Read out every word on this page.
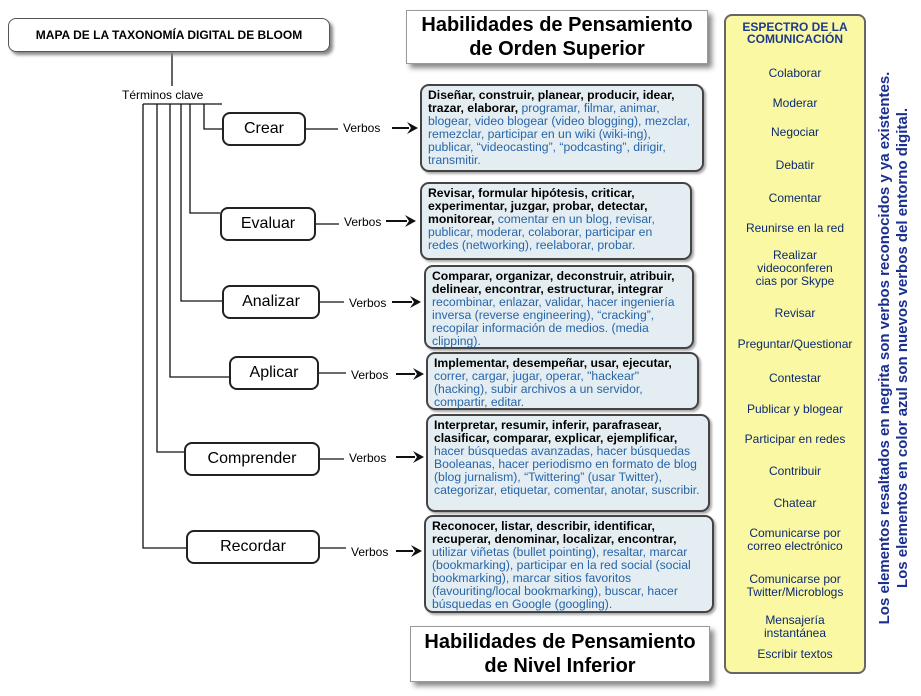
MAPA DE LA TAXONOMÍA DIGITAL DE BLOOM
Términos clave
Habilidades de Pensamiento
de Orden Superior
Habilidades de Pensamiento
de Nivel Inferior
Crear	Verbos
Diseñar, construir, planear, producir, idear, trazar, elaborar, programar, filmar, animar, blogear, video blogear (video blogging), mezclar, remezclar, participar en un wiki (wiki-ing), publicar, “videocasting”, “podcasting”, dirigir, transmitir.
Evaluar	Verbos
Revisar, formular hipótesis, criticar, experimentar, juzgar, probar, detectar, monitorear, comentar en un blog, revisar, publicar, moderar, colaborar, participar en redes (networking), reelaborar, probar.
Analizar	Verbos
Comparar, organizar, deconstruir, atribuir, delinear, encontrar, estructurar, integrar recombinar, enlazar, validar, hacer ingeniería inversa (reverse engineering), “cracking”, recopilar información de medios. (media clipping).
Aplicar	Verbos
Implementar, desempeñar, usar, ejecutar, correr, cargar, jugar, operar, "hackear" (hacking), subir archivos a un servidor, compartir, editar.
Comprender	Verbos
Interpretar, resumir, inferir, parafrasear, clasificar, comparar, explicar, ejemplificar, hacer búsquedas avanzadas, hacer búsquedas Booleanas, hacer periodismo en formato de blog (blog jurnalism), “Twittering” (usar Twitter), categorizar, etiquetar, comentar, anotar, suscribir.
Recordar	Verbos
Reconocer, listar, describir, identificar, recuperar, denominar, localizar, encontrar, utilizar viñetas (bullet pointing), resaltar, marcar (bookmarking), participar en la red social (social bookmarking), marcar sitios favoritos (favouriting/local bookmarking), buscar, hacer búsquedas en Google (googling).
ESPECTRO DE LA
COMUNICACIÓN
Colaborar
Moderar
Negociar
Debatir
Comentar
Reunirse en la red
Realizar
videoconferen
cias por Skype
Revisar
Preguntar/Questionar
Contestar
Publicar y blogear
Participar en redes
Contribuir
Chatear
Comunicarse por
correo electrónico
Comunicarse por
Twitter/Microblogs
Mensajería
instantánea
Escribir textos
Los elementos resaltados en negrita son verbos reconocidos y ya existentes. Los elementos en color azul son nuevos verbos del entorno digital.
